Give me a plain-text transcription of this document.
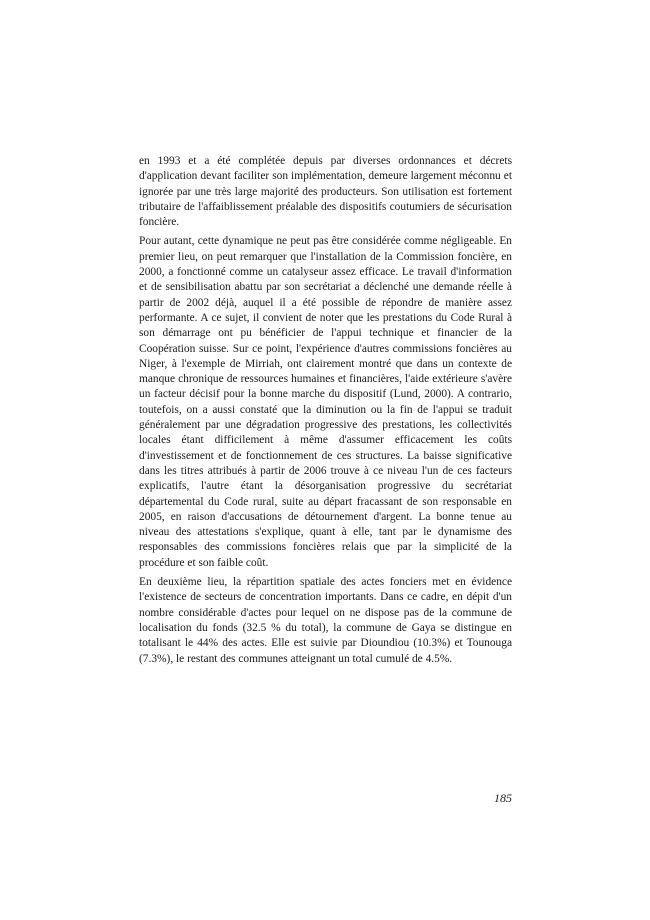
en 1993 et a été complétée depuis par diverses ordonnances et décrets d'application devant faciliter son implémentation, demeure largement méconnu et ignorée par une très large majorité des producteurs. Son utilisation est fortement tributaire de l'affaiblissement préalable des dispositifs coutumiers de sécurisation foncière.

Pour autant, cette dynamique ne peut pas être considérée comme négligeable. En premier lieu, on peut remarquer que l'installation de la Commission foncière, en 2000, a fonctionné comme un catalyseur assez efficace. Le travail d'information et de sensibilisation abattu par son secrétariat a déclenché une demande réelle à partir de 2002 déjà, auquel il a été possible de répondre de manière assez performante. A ce sujet, il convient de noter que les prestations du Code Rural à son démarrage ont pu bénéficier de l'appui technique et financier de la Coopération suisse. Sur ce point, l'expérience d'autres commissions foncières au Niger, à l'exemple de Mirriah, ont clairement montré que dans un contexte de manque chronique de ressources humaines et financières, l'aide extérieure s'avère un facteur décisif pour la bonne marche du dispositif (Lund, 2000). A contrario, toutefois, on a aussi constaté que la diminution ou la fin de l'appui se traduit généralement par une dégradation progressive des prestations, les collectivités locales étant difficilement à même d'assumer efficacement les coûts d'investissement et de fonctionnement de ces structures. La baisse significative dans les titres attribués à partir de 2006 trouve à ce niveau l'un de ces facteurs explicatifs, l'autre étant la désorganisation progressive du secrétariat départemental du Code rural, suite au départ fracassant de son responsable en 2005, en raison d'accusations de détournement d'argent. La bonne tenue au niveau des attestations s'explique, quant à elle, tant par le dynamisme des responsables des commissions foncières relais que par la simplicité de la procédure et son faible coût.

En deuxième lieu, la répartition spatiale des actes fonciers met en évidence l'existence de secteurs de concentration importants. Dans ce cadre, en dépit d'un nombre considérable d'actes pour lequel on ne dispose pas de la commune de localisation du fonds (32.5 % du total), la commune de Gaya se distingue en totalisant le 44% des actes. Elle est suivie par Dioundiou (10.3%) et Tounouga (7.3%), le restant des communes atteignant un total cumulé de 4.5%.

185
